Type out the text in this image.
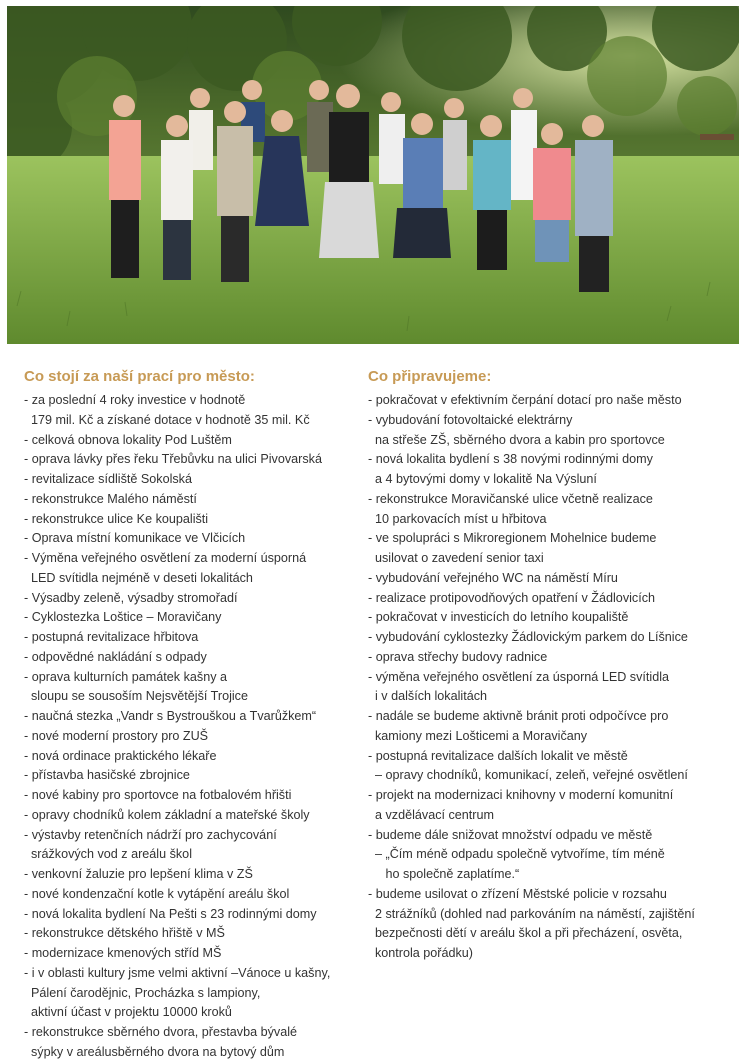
Co stojí za naší prací pro město:
- za poslední 4 roky investice v hodnotě
179 mil. Kč a získané dotace v hodnotě 35 mil. Kč
- celková obnova lokality Pod Luštěm
- oprava lávky přes řeku Třebůvku na ulici Pivovarská
- revitalizace sídliště Sokolská
- rekonstrukce Malého náměstí
- rekonstrukce ulice Ke koupališti
- Oprava místní komunikace ve Vlčicích
- Výměna veřejného osvětlení za moderní úsporná
LED svítidla nejméně v deseti lokalitách
- Výsadby zeleně, výsadby stromořadí
- Cyklostezka Loštice – Moravičany
- postupná revitalizace hřbitova
- odpovědné nakládání s odpady
- oprava kulturních památek kašny a
sloupu se sousoším Nejsvětější Trojice
- naučná stezka „Vandr s Bystrouškou a Tvarůžkem“
- nové moderní prostory pro ZUŠ
- nová ordinace praktického lékaře
- přístavba hasičské zbrojnice
- nové kabiny pro sportovce na fotbalovém hřišti
- opravy chodníků kolem základní a mateřské školy
- výstavby retenčních nádrží pro zachycování
srážkových vod z areálu škol
- venkovní žaluzie pro lepšení klima v ZŠ
- nové kondenzační kotle k vytápění areálu škol
- nová lokalita bydlení Na Pešti s 23 rodinnými domy
- rekonstrukce dětského hřiště v MŠ
- modernizace kmenových stříd MŠ
- i v oblasti kultury jsme velmi aktivní –Vánoce u kašny,
Pálení čarodějnic, Procházka s lampiony,
aktivní účast v projektu 10000 kroků
- rekonstrukce sběrného dvora, přestavba bývalé
sýpky v areálusběrného dvora na bytový dům
Co připravujeme:
- pokračovat v efektivním čerpání dotací pro naše město
- vybudování fotovoltaické elektrárny
na střeše ZŠ, sběrného dvora a kabin pro sportovce
- nová lokalita bydlení s 38 novými rodinnými domy
a 4 bytovými domy v lokalitě Na Výsluní
- rekonstrukce Moravičanské ulice včetně realizace
10 parkovacích míst u hřbitova
- ve spolupráci s Mikroregionem Mohelnice budeme
usilovat o zavedení senior taxi
- vybudování veřejného WC na náměstí Míru
- realizace protipovodňových opatření v Žádlovicích
- pokračovat v investicích do letního koupaliště
- vybudování cyklostezky Žádlovickým parkem do Líšnice
- oprava střechy budovy radnice
- výměna veřejného osvětlení za úsporná LED svítidla
i v dalších lokalitách
- nadále se budeme aktivně bránit proti odpočívce pro
kamiony mezi Lošticemi a Moravičany
- postupná revitalizace dalších lokalit ve městě
– opravy chodníků, komunikací, zeleň, veřejné osvětlení
- projekt na modernizaci knihovny v moderní komunitní
a vzdělávací centrum
- budeme dále snižovat množství odpadu ve městě
– „Čím méně odpadu společně vytvoříme, tím méně
ho společně zaplatíme.“
- budeme usilovat o zřízení Městské policie v rozsahu
2 strážníků (dohled nad parkováním na náměstí, zajištění
bezpečnosti dětí v areálu škol a při přecházení, osvěta,
kontrola pořádku)
